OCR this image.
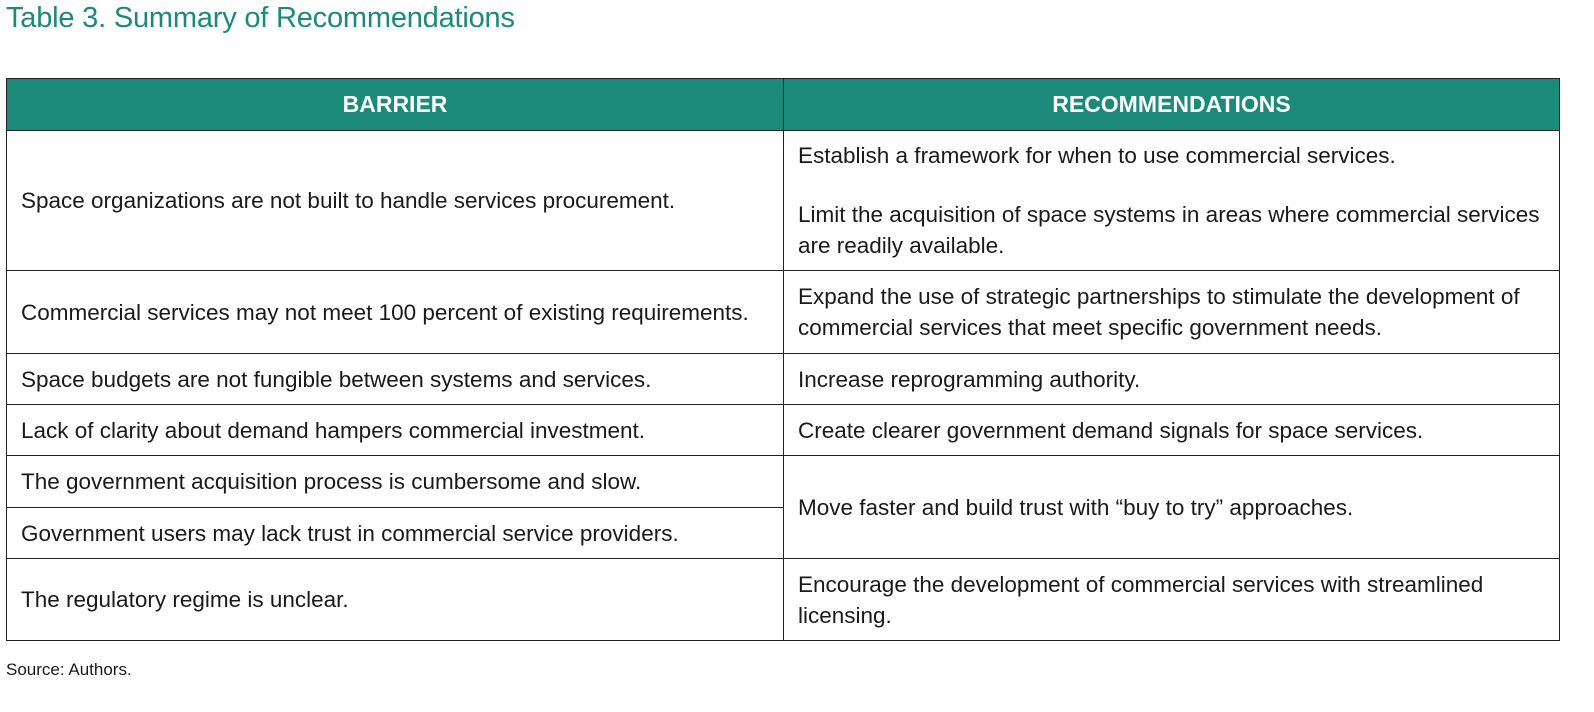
Table 3. Summary of Recommendations
BARRIER	RECOMMENDATIONS
Space organizations are not built to handle services procurement.	Establish a framework for when to use commercial services.
Limit the acquisition of space systems in areas where commercial services are readily available.

Commercial services may not meet 100 percent of existing requirements.	Expand the use of strategic partnerships to stimulate the development of commercial services that meet specific government needs.
Space budgets are not fungible between systems and services.	Increase reprogramming authority.
Lack of clarity about demand hampers commercial investment.	Create clearer government demand signals for space services.
The government acquisition process is cumbersome and slow.	Move faster and build trust with “buy to try” approaches.
Government users may lack trust in commercial service providers.	
The regulatory regime is unclear.	Encourage the development of commercial services with streamlined licensing.
Source: Authors.
